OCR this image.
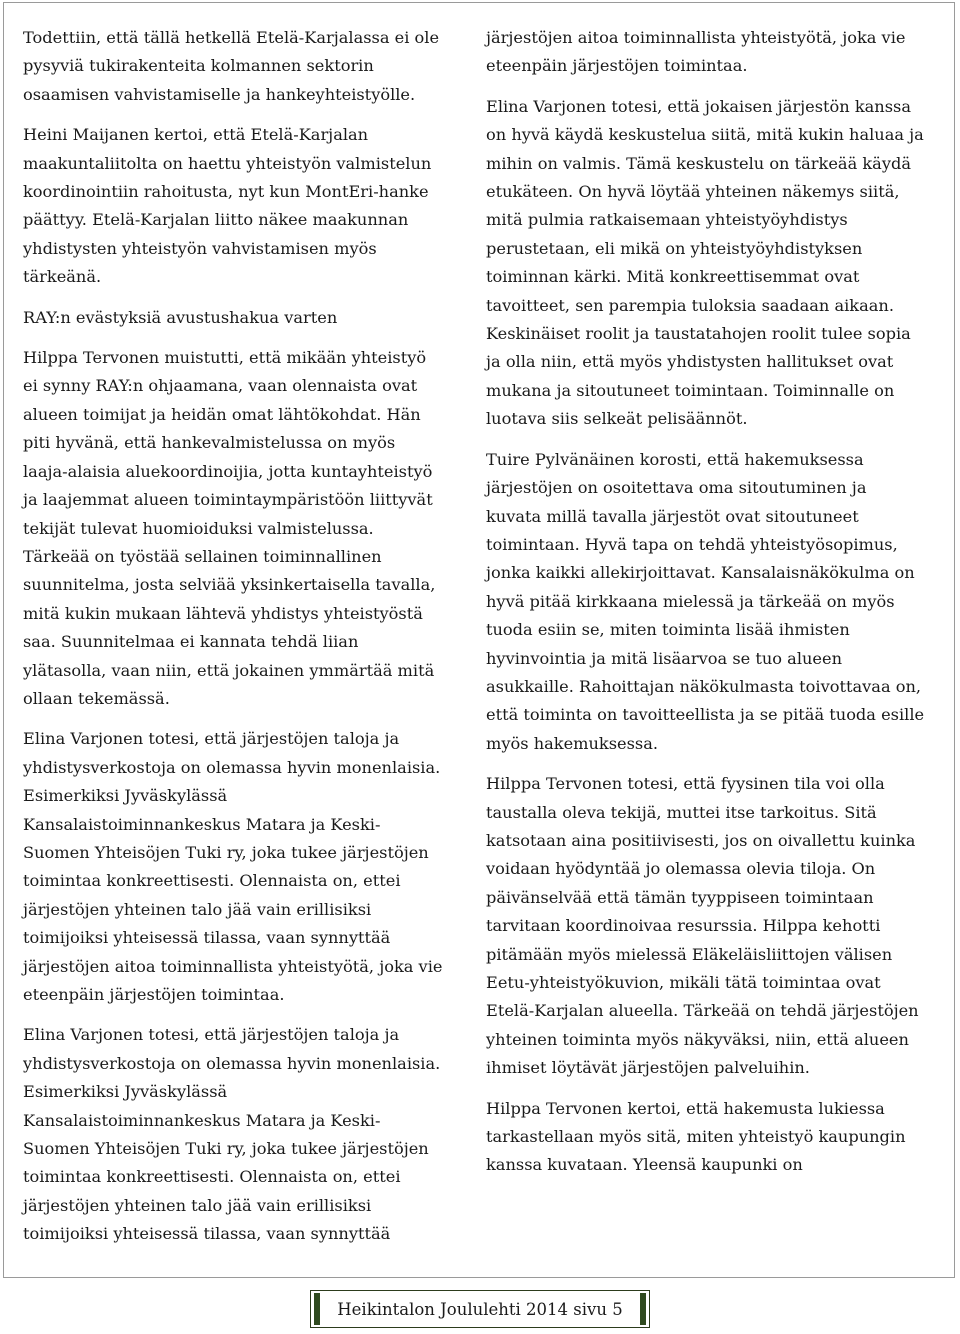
Todettiin, että tällä hetkellä Etelä-Karjalassa ei ole pysyviä tukirakenteita kolmannen sektorin osaamisen vahvistamiselle ja hankeyhteistyölle.

Heini Maijanen kertoi, että Etelä-Karjalan maakuntaliitolta on haettu yhteistyön valmistelun koordinointiin rahoitusta, nyt kun MontEri-hanke päättyy. Etelä-Karjalan liitto näkee maakunnan yhdistysten yhteistyön vahvistamisen myös tärkeänä.

RAY:n evästyksiä avustushakua varten

Hilppa Tervonen muistutti, että mikään yhteistyö ei synny RAY:n ohjaamana, vaan olennaista ovat alueen toimijat ja heidän omat lähtökohdat. Hän piti hyvänä, että hankevalmistelussa on myös laaja-alaisia aluekoordinoijia, jotta kuntayhteistyö ja laajemmat alueen toimintaympäristöön liittyvät tekijät tulevat huomioiduksi valmistelussa. Tärkeää on työstää sellainen toiminnallinen suunnitelma, josta selviää yksinkertaisella tavalla, mitä kukin mukaan lähtevä yhdistys yhteistyöstä saa. Suunnitelmaa ei kannata tehdä liian ylätasolla, vaan niin, että jokainen ymmärtää mitä ollaan tekemässä.

Elina Varjonen totesi, että järjestöjen taloja ja yhdistysverkostoja on olemassa hyvin monenlaisia. Esimerkiksi Jyväskylässä Kansalaistoiminnankeskus Matara ja Keski-Suomen Yhteisöjen Tuki ry, joka tukee järjestöjen toimintaa konkreettisesti. Olennaista on, ettei järjestöjen yhteinen talo jää vain erillisiksi toimijoiksi yhteisessä tilassa, vaan synnyttää järjestöjen aitoa toiminnallista yhteistyötä, joka vie eteenpäin järjestöjen toimintaa.

Elina Varjonen totesi, että järjestöjen taloja ja yhdistysverkostoja on olemassa hyvin monenlaisia. Esimerkiksi Jyväskylässä Kansalaistoiminnankeskus Matara ja Keski-Suomen Yhteisöjen Tuki ry, joka tukee järjestöjen toimintaa konkreettisesti. Olennaista on, ettei järjestöjen yhteinen talo jää vain erillisiksi toimijoiksi yhteisessä tilassa, vaan synnyttää

järjestöjen aitoa toiminnallista yhteistyötä, joka vie eteenpäin järjestöjen toimintaa.

Elina Varjonen totesi, että jokaisen järjestön kanssa on hyvä käydä keskustelua siitä, mitä kukin haluaa ja mihin on valmis. Tämä keskustelu on tärkeää käydä etukäteen. On hyvä löytää yhteinen näkemys siitä, mitä pulmia ratkaisemaan yhteistyöyhdistys perustetaan, eli mikä on yhteistyöyhdistyksen toiminnan kärki. Mitä konkreettisemmat ovat tavoitteet, sen parempia tuloksia saadaan aikaan. Keskinäiset roolit ja taustatahojen roolit tulee sopia ja olla niin, että myös yhdistysten hallitukset ovat mukana ja sitoutuneet toimintaan. Toiminnalle on luotava siis selkeät pelisäännöt.

Tuire Pylvänäinen korosti, että hakemuksessa järjestöjen on osoitettava oma sitoutuminen ja kuvata millä tavalla järjestöt ovat sitoutuneet toimintaan. Hyvä tapa on tehdä yhteistyösopimus, jonka kaikki allekirjoittavat. Kansalaisnäkökulma on hyvä pitää kirkkaana mielessä ja tärkeää on myös tuoda esiin se, miten toiminta lisää ihmisten hyvinvointia ja mitä lisäarvoa se tuo alueen asukkaille. Rahoittajan näkökulmasta toivottavaa on, että toiminta on tavoitteellista ja se pitää tuoda esille myös hakemuksessa.

Hilppa Tervonen totesi, että fyysinen tila voi olla taustalla oleva tekijä, muttei itse tarkoitus. Sitä katsotaan aina positiivisesti, jos on oivallettu kuinka voidaan hyödyntää jo olemassa olevia tiloja. On päivänselvää että tämän tyyppiseen toimintaan tarvitaan koordinoivaa resurssia. Hilppa kehotti pitämään myös mielessä Eläkeläisliittojen välisen Eetu-yhteistyökuvion, mikäli tätä toimintaa ovat Etelä-Karjalan alueella. Tärkeää on tehdä järjestöjen yhteinen toiminta myös näkyväksi, niin, että alueen ihmiset löytävät järjestöjen palveluihin.

Hilppa Tervonen kertoi, että hakemusta lukiessa tarkastellaan myös sitä, miten yhteistyö kaupungin kanssa kuvataan. Yleensä kaupunki on

Heikintalon Joululehti 2014 sivu 5
